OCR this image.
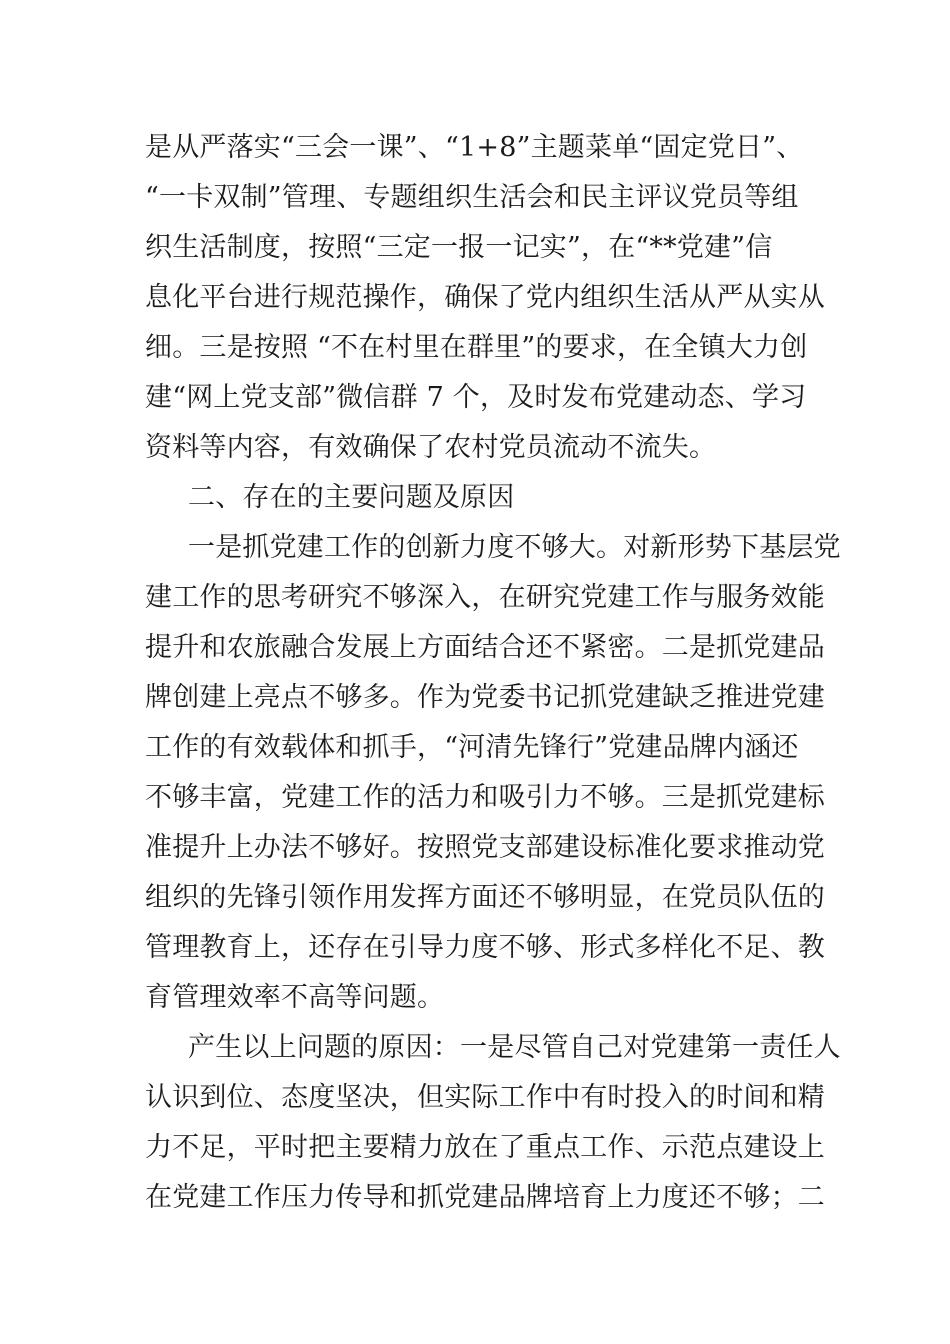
是从严落实“三会一课”、“1+8”主题菜单“固定党日”、
“一卡双制”管理、专题组织生活会和民主评议党员等组
织生活制度，按照“三定一报一记实”，在“**党建”信
息化平台进行规范操作，确保了党内组织生活从严从实从
细。三是按照 “不在村里在群里”的要求，在全镇大力创
建“网上党支部”微信群 7 个，及时发布党建动态、学习
资料等内容，有效确保了农村党员流动不流失。
二、存在的主要问题及原因
一是抓党建工作的创新力度不够大。对新形势下基层党
建工作的思考研究不够深入，在研究党建工作与服务效能
提升和农旅融合发展上方面结合还不紧密。二是抓党建品
牌创建上亮点不够多。作为党委书记抓党建缺乏推进党建
工作的有效载体和抓手，“河清先锋行”党建品牌内涵还
不够丰富，党建工作的活力和吸引力不够。三是抓党建标
准提升上办法不够好。按照党支部建设标准化要求推动党
组织的先锋引领作用发挥方面还不够明显，在党员队伍的
管理教育上，还存在引导力度不够、形式多样化不足、教
育管理效率不高等问题。
产生以上问题的原因：一是尽管自己对党建第一责任人
认识到位、态度坚决，但实际工作中有时投入的时间和精
力不足，平时把主要精力放在了重点工作、示范点建设上
在党建工作压力传导和抓党建品牌培育上力度还不够；二
